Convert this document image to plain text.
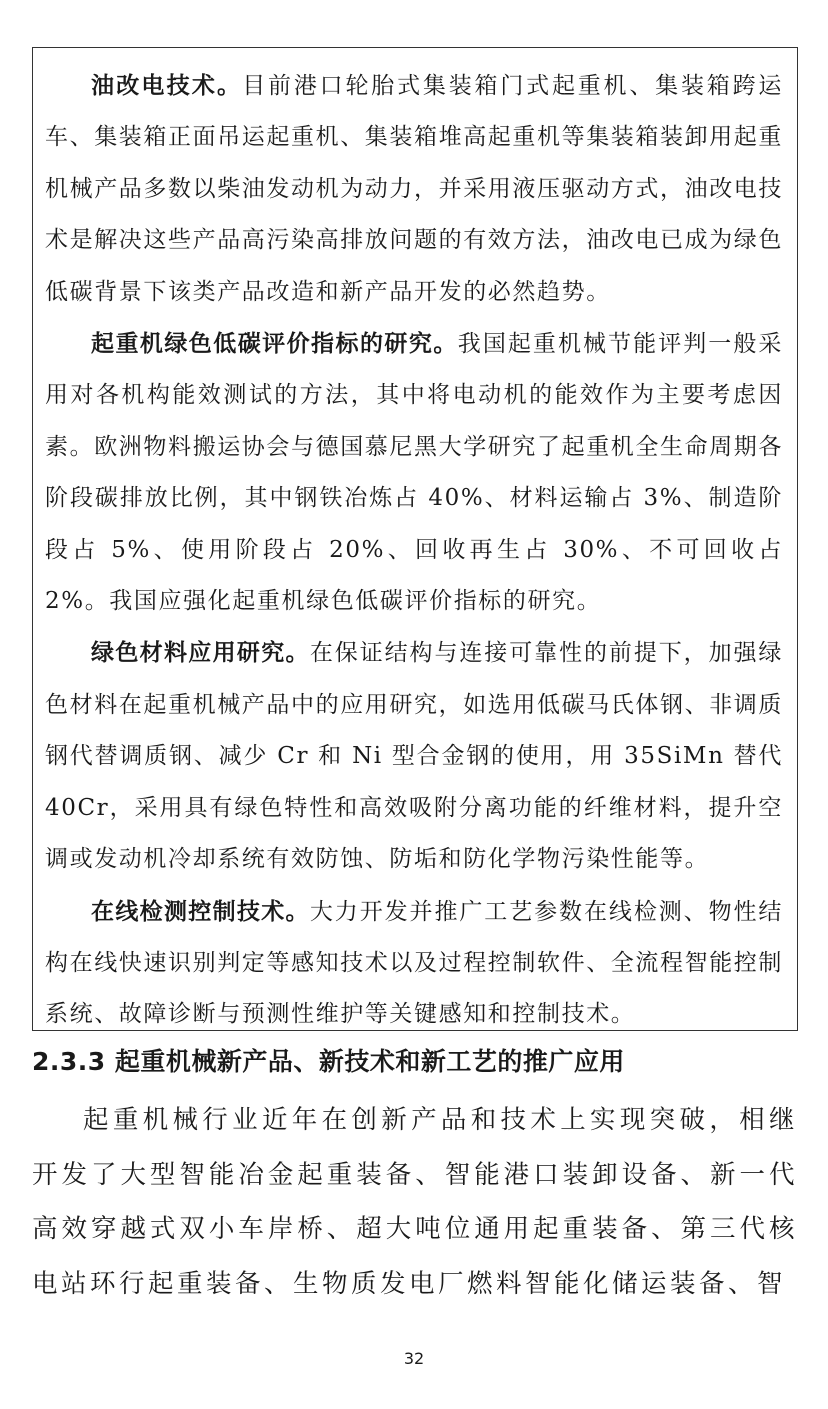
油改电技术。目前港口轮胎式集装箱门式起重机、集装箱跨运车、集装箱正面吊运起重机、集装箱堆高起重机等集装箱装卸用起重机械产品多数以柴油发动机为动力，并采用液压驱动方式，油改电技术是解决这些产品高污染高排放问题的有效方法，油改电已成为绿色低碳背景下该类产品改造和新产品开发的必然趋势。

起重机绿色低碳评价指标的研究。我国起重机械节能评判一般采用对各机构能效测试的方法，其中将电动机的能效作为主要考虑因素。欧洲物料搬运协会与德国慕尼黑大学研究了起重机全生命周期各阶段碳排放比例，其中钢铁冶炼占 40%、材料运输占 3%、制造阶段占 5%、使用阶段占 20%、回收再生占 30%、不可回收占 2%。我国应强化起重机绿色低碳评价指标的研究。

绿色材料应用研究。在保证结构与连接可靠性的前提下，加强绿色材料在起重机械产品中的应用研究，如选用低碳马氏体钢、非调质钢代替调质钢、减少 Cr 和 Ni 型合金钢的使用，用 35SiMn 替代 40Cr，采用具有绿色特性和高效吸附分离功能的纤维材料，提升空调或发动机冷却系统有效防蚀、防垢和防化学物污染性能等。

在线检测控制技术。大力开发并推广工艺参数在线检测、物性结构在线快速识别判定等感知技术以及过程控制软件、全流程智能控制系统、故障诊断与预测性维护等关键感知和控制技术。

2.3.3 起重机械新产品、新技术和新工艺的推广应用

起重机械行业近年在创新产品和技术上实现突破，相继开发了大型智能冶金起重装备、智能港口装卸设备、新一代高效穿越式双小车岸桥、超大吨位通用起重装备、第三代核电站环行起重装备、生物质发电厂燃料智能化储运装备、智

32
